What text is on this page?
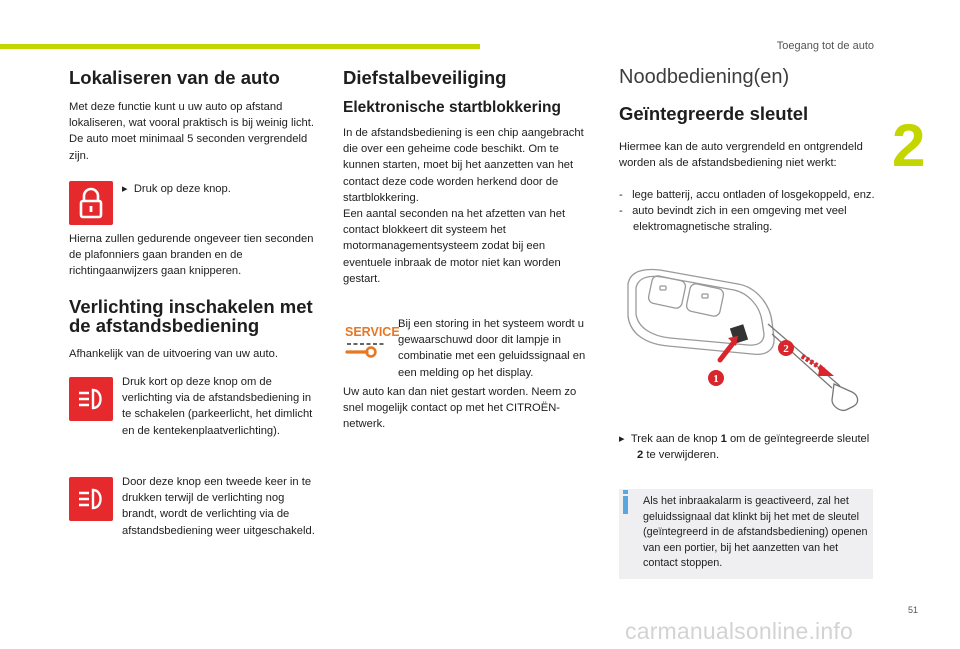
Toegang tot de auto
2
Lokaliseren van de auto

Met deze functie kunt u uw auto op afstand lokaliseren, wat vooral praktisch is bij weinig licht. De auto moet minimaal 5 seconden vergrendeld zijn.

▸  Druk op deze knop.

Hierna zullen gedurende ongeveer tien seconden de plafonniers gaan branden en de richtingaanwijzers gaan knipperen.

Verlichting inschakelen met de afstandsbediening

Afhankelijk van de uitvoering van uw auto.

Druk kort op deze knop om de verlichting via de afstandsbediening in te schakelen (parkeerlicht, het dimlicht en de kentekenplaatverlichting).

Door deze knop een tweede keer in te drukken terwijl de verlichting nog brandt, wordt de verlichting via de afstandsbediening weer uitgeschakeld.

Diefstalbeveiliging
Elektronische startblokkering

In de afstandsbediening is een chip aangebracht die over een geheime code beschikt. Om te kunnen starten, moet bij het aanzetten van het contact deze code worden herkend door de startblokkering.

Een aantal seconden na het afzetten van het contact blokkeert dit systeem het motormanagementsysteem zodat bij een eventuele inbraak de motor niet kan worden gestart.

SERVICE

Bij een storing in het systeem wordt u gewaarschuwd door dit lampje in combinatie met een geluidssignaal en een melding op het display.

Uw auto kan dan niet gestart worden. Neem zo snel mogelijk contact op met het CITROËN-netwerk.

Noodbediening(en)
Geïntegreerde sleutel

Hiermee kan de auto vergrendeld en ontgrendeld worden als de afstandsbediening niet werkt:

-   lege batterij, accu ontladen of losgekoppeld, enz.
-   auto bevindt zich in een omgeving met veel elektromagnetische straling.
1
2
▸  Trek aan de knop 1 om de geïntegreerde sleutel 2 te verwijderen.

Als het inbraakalarm is geactiveerd, zal het geluidssignaal dat klinkt bij het met de sleutel (geïntegreerd in de afstandsbediening) openen van een portier, bij het aanzetten van het contact stoppen.

51
carmanualsonline.info
